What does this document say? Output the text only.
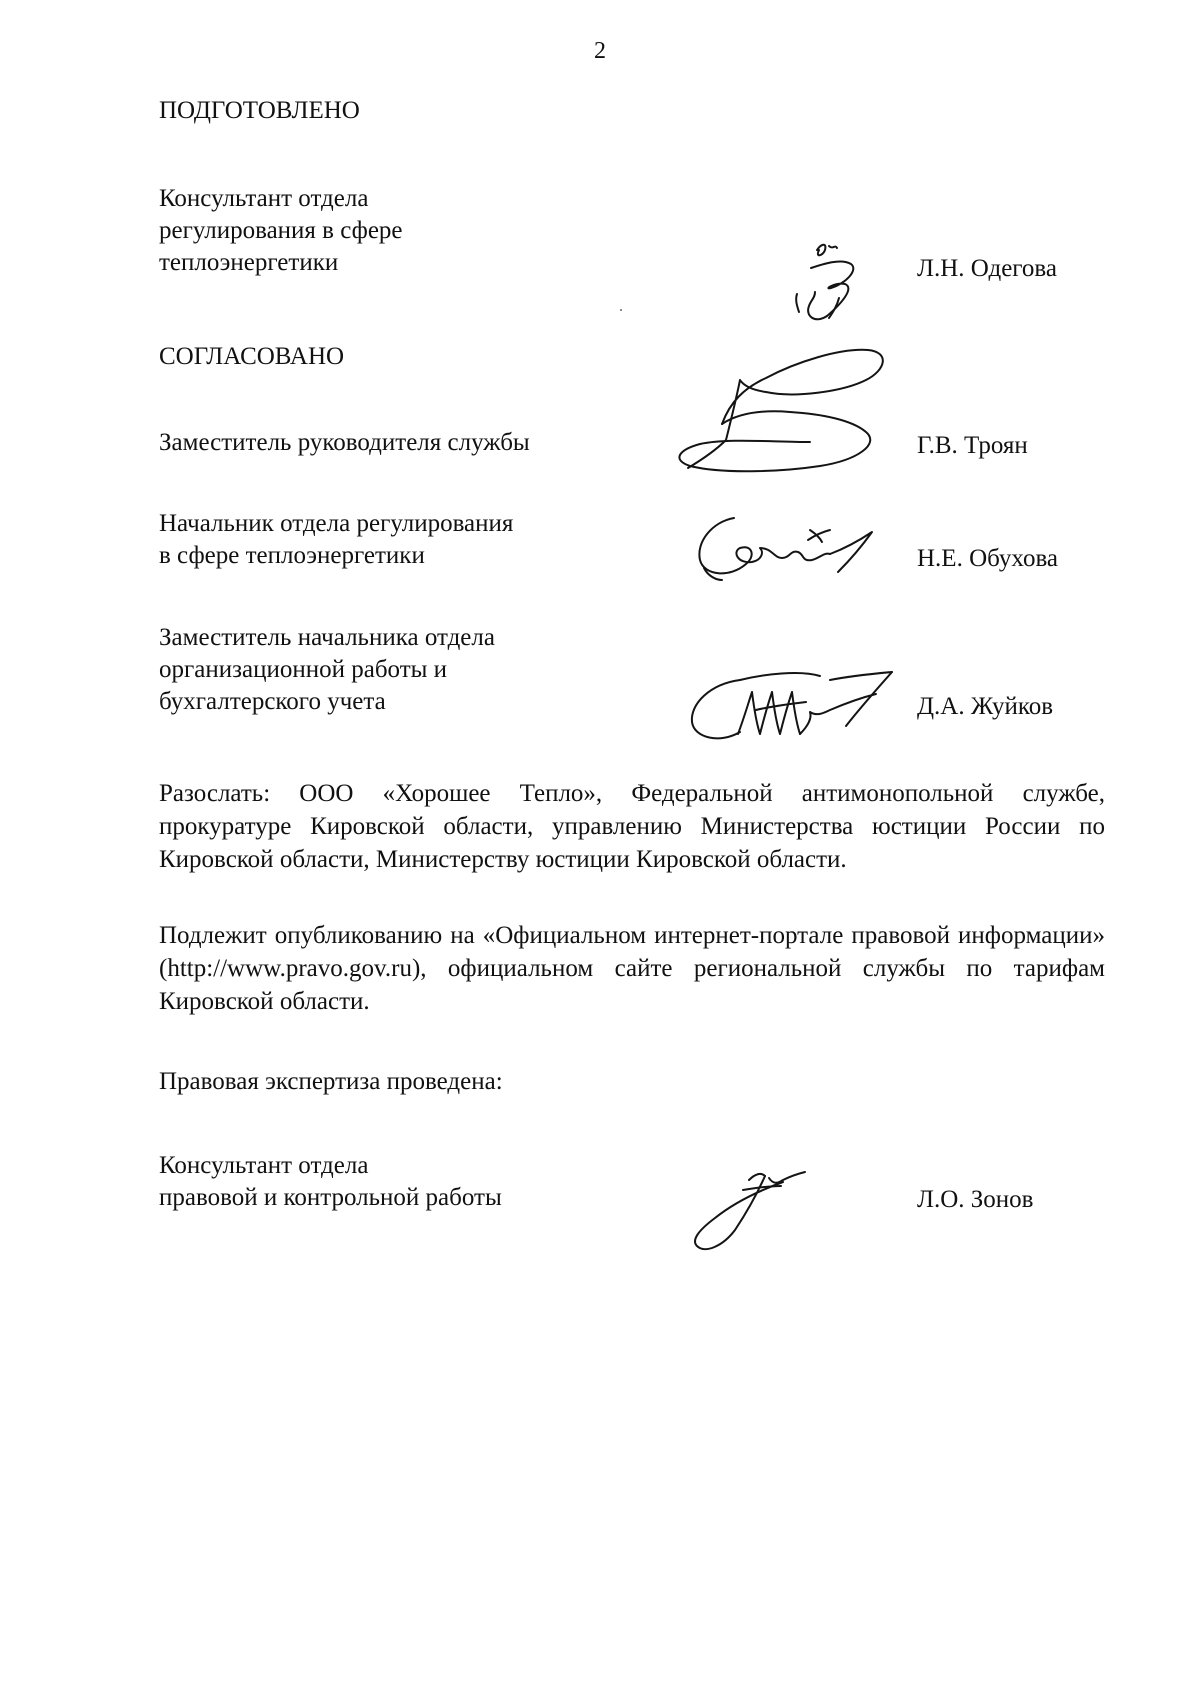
2
ПОДГОТОВЛЕНО
Консультант отдела
регулирования в сфере
теплоэнергетики	Л.Н. Одегова
СОГЛАСОВАНО
Заместитель руководителя службы	Г.В. Троян
Начальник отдела регулирования
в сфере теплоэнергетики	Н.Е. Обухова
Заместитель начальника отдела
организационной работы и
бухгалтерского учета	Д.А. Жуйков
Разослать: ООО «Хорошее Тепло», Федеральной антимонопольной службе, прокуратуре Кировской области, управлению Министерства юстиции России по Кировской области, Министерству юстиции Кировской области.
Подлежит опубликованию на «Официальном интернет-портале правовой информации» (http://www.pravo.gov.ru), официальном сайте региональной службы по тарифам Кировской области.
Правовая экспертиза проведена:
Консультант отдела
правовой и контрольной работы	Л.О. Зонов
